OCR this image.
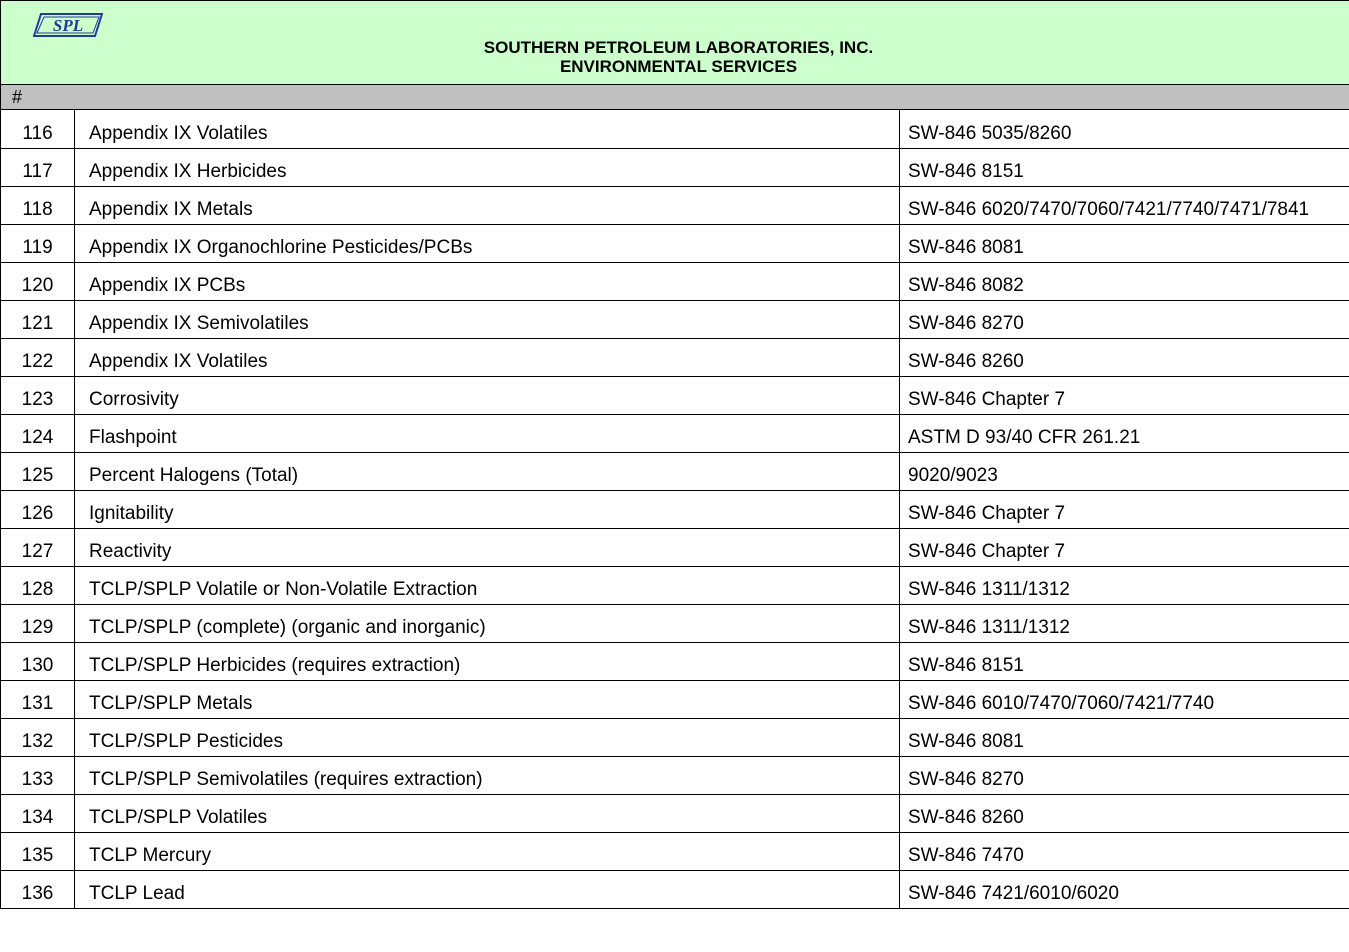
SPL
SOUTHERN PETROLEUM LABORATORIES, INC.
ENVIRONMENTAL SERVICES
#
116	Appendix IX Volatiles	SW-846 5035/8260
117	Appendix IX Herbicides	SW-846 8151
118	Appendix IX Metals	SW-846 6020/7470/7060/7421/7740/7471/7841
119	Appendix IX Organochlorine Pesticides/PCBs	SW-846 8081
120	Appendix IX PCBs	SW-846 8082
121	Appendix IX Semivolatiles	SW-846 8270
122	Appendix IX Volatiles	SW-846 8260
123	Corrosivity	SW-846 Chapter 7
124	Flashpoint	ASTM D 93/40 CFR 261.21
125	Percent Halogens (Total)	9020/9023
126	Ignitability	SW-846 Chapter 7
127	Reactivity	SW-846 Chapter 7
128	TCLP/SPLP Volatile or Non-Volatile Extraction	SW-846 1311/1312
129	TCLP/SPLP (complete) (organic and inorganic)	SW-846 1311/1312
130	TCLP/SPLP Herbicides (requires extraction)	SW-846 8151
131	TCLP/SPLP Metals	SW-846 6010/7470/7060/7421/7740
132	TCLP/SPLP Pesticides	SW-846 8081
133	TCLP/SPLP Semivolatiles (requires extraction)	SW-846 8270
134	TCLP/SPLP Volatiles	SW-846 8260
135	TCLP Mercury	SW-846 7470
136	TCLP Lead	SW-846 7421/6010/6020
